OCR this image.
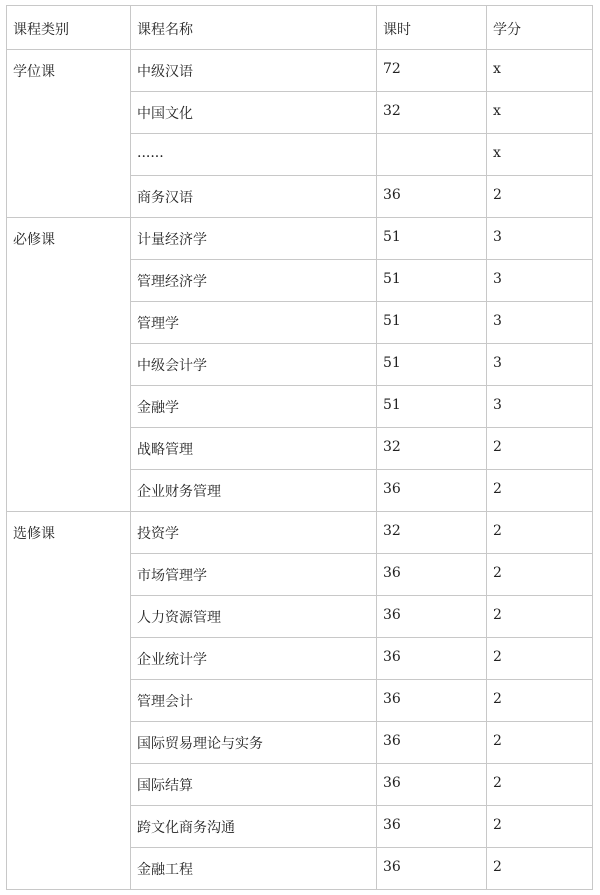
课程类别	课程名称	课时	学分
学位课	中级汉语	72	x
	中国文化	32	x
	......		x
	商务汉语	36	2
必修课	计量经济学	51	3
	管理经济学	51	3
	管理学	51	3
	中级会计学	51	3
	金融学	51	3
	战略管理	32	2
	企业财务管理	36	2
选修课	投资学	32	2
	市场管理学	36	2
	人力资源管理	36	2
	企业统计学	36	2
	管理会计	36	2
	国际贸易理论与实务	36	2
	国际结算	36	2
	跨文化商务沟通	36	2
	金融工程	36	2
